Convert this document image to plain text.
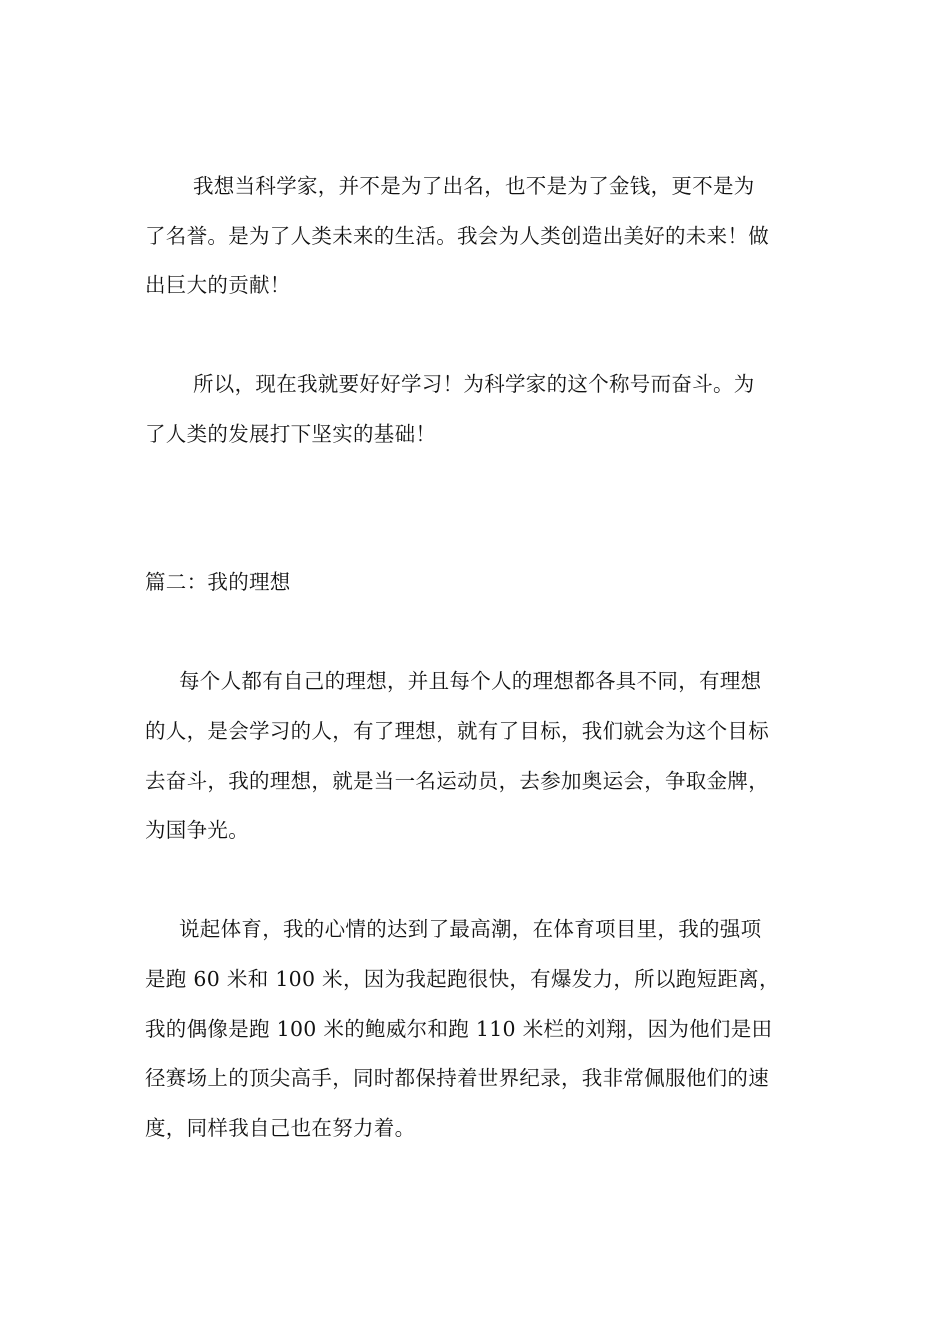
我想当科学家，并不是为了出名，也不是为了金钱，更不是为
了名誉。是为了人类未来的生活。我会为人类创造出美好的未来！做
出巨大的贡献！
所以，现在我就要好好学习！为科学家的这个称号而奋斗。为
了人类的发展打下坚实的基础！
篇二：我的理想
每个人都有自己的理想，并且每个人的理想都各具不同，有理想
的人，是会学习的人，有了理想，就有了目标，我们就会为这个目标
去奋斗，我的理想，就是当一名运动员，去参加奥运会，争取金牌，
为国争光。
说起体育，我的心情的达到了最高潮，在体育项目里，我的强项
是跑 60 米和 100 米，因为我起跑很快，有爆发力，所以跑短距离，
我的偶像是跑 100 米的鲍威尔和跑 110 米栏的刘翔，因为他们是田
径赛场上的顶尖高手，同时都保持着世界纪录，我非常佩服他们的速
度，同样我自己也在努力着。
